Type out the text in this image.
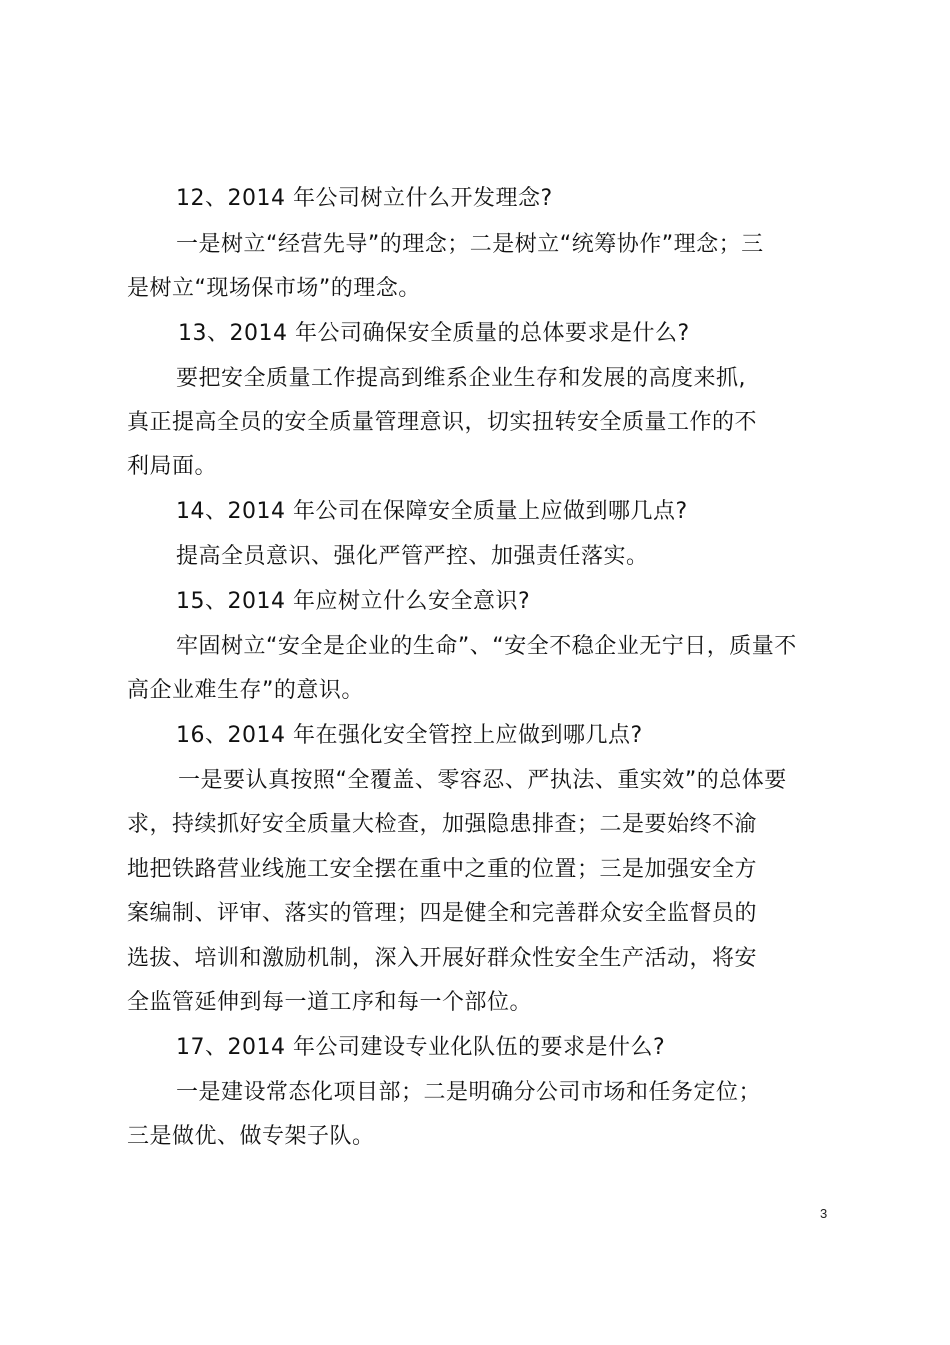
12、2014 年公司树立什么开发理念?
一是树立“经营先导”的理念；二是树立“统筹协作”理念；三
是树立“现场保市场”的理念。
13、2014 年公司确保安全质量的总体要求是什么?
要把安全质量工作提高到维系企业生存和发展的高度来抓,
真正提高全员的安全质量管理意识，切实扭转安全质量工作的不
利局面。
14、2014 年公司在保障安全质量上应做到哪几点?
提高全员意识、强化严管严控、加强责任落实。
15、2014 年应树立什么安全意识?
牢固树立“安全是企业的生命”、“安全不稳企业无宁日，质量不
高企业难生存”的意识。
16、2014 年在强化安全管控上应做到哪几点?
一是要认真按照“全覆盖、零容忍、严执法、重实效”的总体要
求，持续抓好安全质量大检查，加强隐患排查；二是要始终不渝
地把铁路营业线施工安全摆在重中之重的位置；三是加强安全方
案编制、评审、落实的管理；四是健全和完善群众安全监督员的
选拔、培训和激励机制，深入开展好群众性安全生产活动，将安
全监管延伸到每一道工序和每一个部位。
17、2014 年公司建设专业化队伍的要求是什么?
一是建设常态化项目部；二是明确分公司市场和任务定位；
三是做优、做专架子队。
3
